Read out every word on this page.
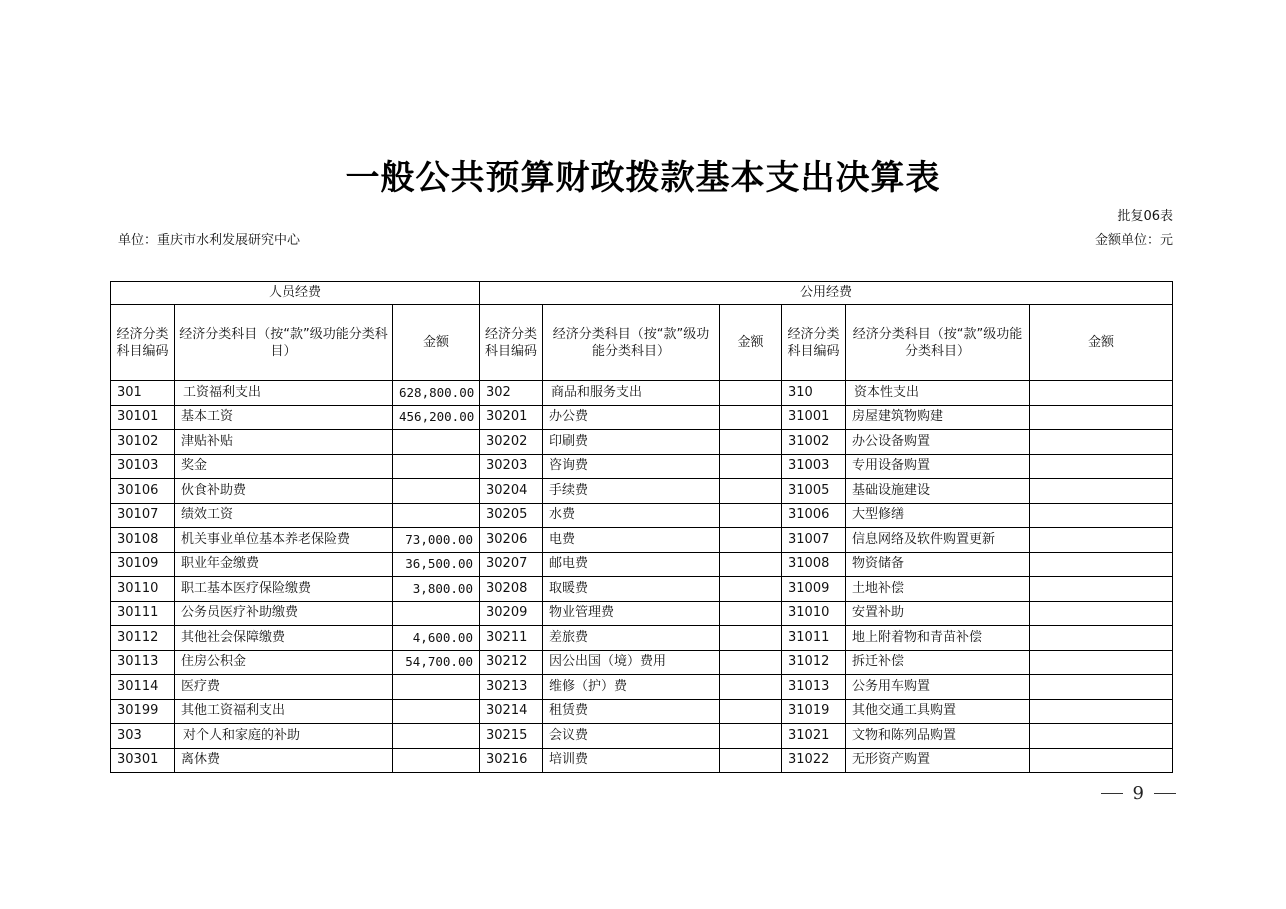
一般公共预算财政拨款基本支出决算表
批复06表
单位：重庆市水利发展研究中心	金额单位：元
人员经费			公用经费					
经济分类科目编码	经济分类科目（按“款”级功能分类科目）	金额	经济分类科目编码	经济分类科目（按“款”级功能分类科目）	金额	经济分类科目编码	经济分类科目（按“款”级功能分类科目）	金额
301	工资福利支出	628,800.00	302	商品和服务支出		310	资本性支出	
30101	基本工资	456,200.00	30201	办公费		31001	房屋建筑物购建	
30102	津贴补贴		30202	印刷费		31002	办公设备购置	
30103	奖金		30203	咨询费		31003	专用设备购置	
30106	伙食补助费		30204	手续费		31005	基础设施建设	
30107	绩效工资		30205	水费		31006	大型修缮	
30108	机关事业单位基本养老保险费	73,000.00	30206	电费		31007	信息网络及软件购置更新	
30109	职业年金缴费	36,500.00	30207	邮电费		31008	物资储备	
30110	职工基本医疗保险缴费	3,800.00	30208	取暖费		31009	土地补偿	
30111	公务员医疗补助缴费		30209	物业管理费		31010	安置补助	
30112	其他社会保障缴费	4,600.00	30211	差旅费		31011	地上附着物和青苗补偿	
30113	住房公积金	54,700.00	30212	因公出国（境）费用		31012	拆迁补偿	
30114	医疗费		30213	维修（护）费		31013	公务用车购置	
30199	其他工资福利支出		30214	租赁费		31019	其他交通工具购置	
303	对个人和家庭的补助		30215	会议费		31021	文物和陈列品购置	
30301	离休费		30216	培训费		31022	无形资产购置	
9
